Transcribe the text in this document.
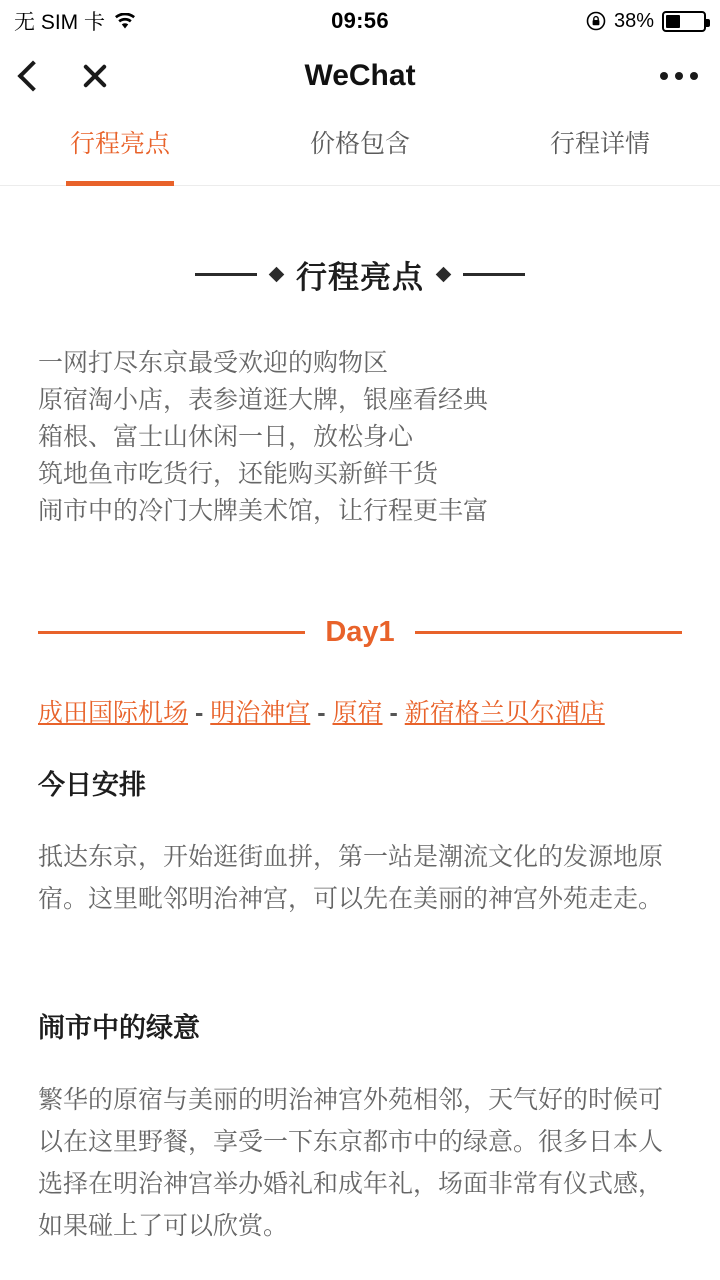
无 SIM 卡	09:56	38%
WeChat
行程亮点	价格包含	行程详情
行程亮点
一网打尽东京最受欢迎的购物区
原宿淘小店，表参道逛大牌，银座看经典
箱根、富士山休闲一日，放松身心
筑地鱼市吃货行，还能购买新鲜干货
闹市中的冷门大牌美术馆，让行程更丰富
Day1
成田国际机场 - 明治神宫 - 原宿 - 新宿格兰贝尔酒店
今日安排
抵达东京，开始逛街血拼，第一站是潮流文化的发源地原宿。这里毗邻明治神宫，可以先在美丽的神宫外苑走走。
闹市中的绿意
繁华的原宿与美丽的明治神宫外苑相邻，天气好的时候可以在这里野餐，享受一下东京都市中的绿意。很多日本人选择在明治神宫举办婚礼和成年礼，场面非常有仪式感，如果碰上了可以欣赏。
